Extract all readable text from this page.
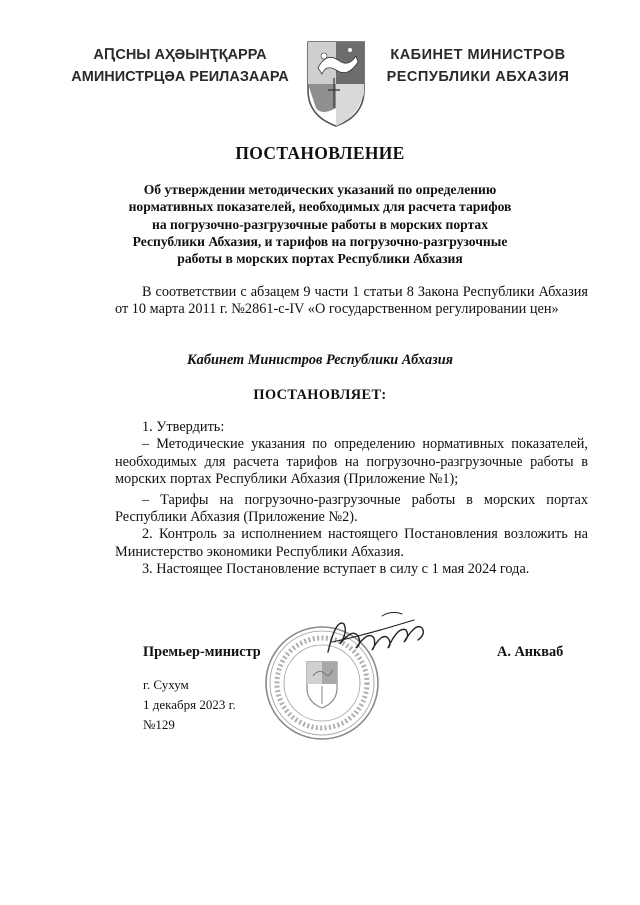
АԤСНЫ АҲӘЫНҬҚАРРА
АМИНИСТРЦӘА РЕИЛАЗААРА
КАБИНЕТ МИНИСТРОВ
РЕСПУБЛИКИ АБХАЗИЯ
ПОСТАНОВЛЕНИЕ
Об утверждении методических указаний по определению
нормативных показателей, необходимых для расчета тарифов
на погрузочно-разгрузочные работы в морских портах
Республики Абхазия, и тарифов на погрузочно-разгрузочные
работы в морских портах Республики Абхазия
В соответствии с абзацем 9 части 1 статьи 8 Закона Республики Абхазия от 10 марта 2011 г. №2861-с-IV «О государственном регулировании цен»
Кабинет Министров Республики Абхазия
ПОСТАНОВЛЯЕТ:

1. Утвердить:

– Методические указания по определению нормативных показателей, необходимых для расчета тарифов на погрузочно-разгрузочные работы в морских портах Республики Абхазия (Приложение №1);

– Тарифы на погрузочно-разгрузочные работы в морских портах Республики Абхазия (Приложение №2).

2. Контроль за исполнением настоящего Постановления возложить на Министерство экономики Республики Абхазия.

3. Настоящее Постановление вступает в силу с 1 мая 2024 года.

Премьер-министр	А. Анкваб
г. Сухум
1 декабря 2023 г.
№129
